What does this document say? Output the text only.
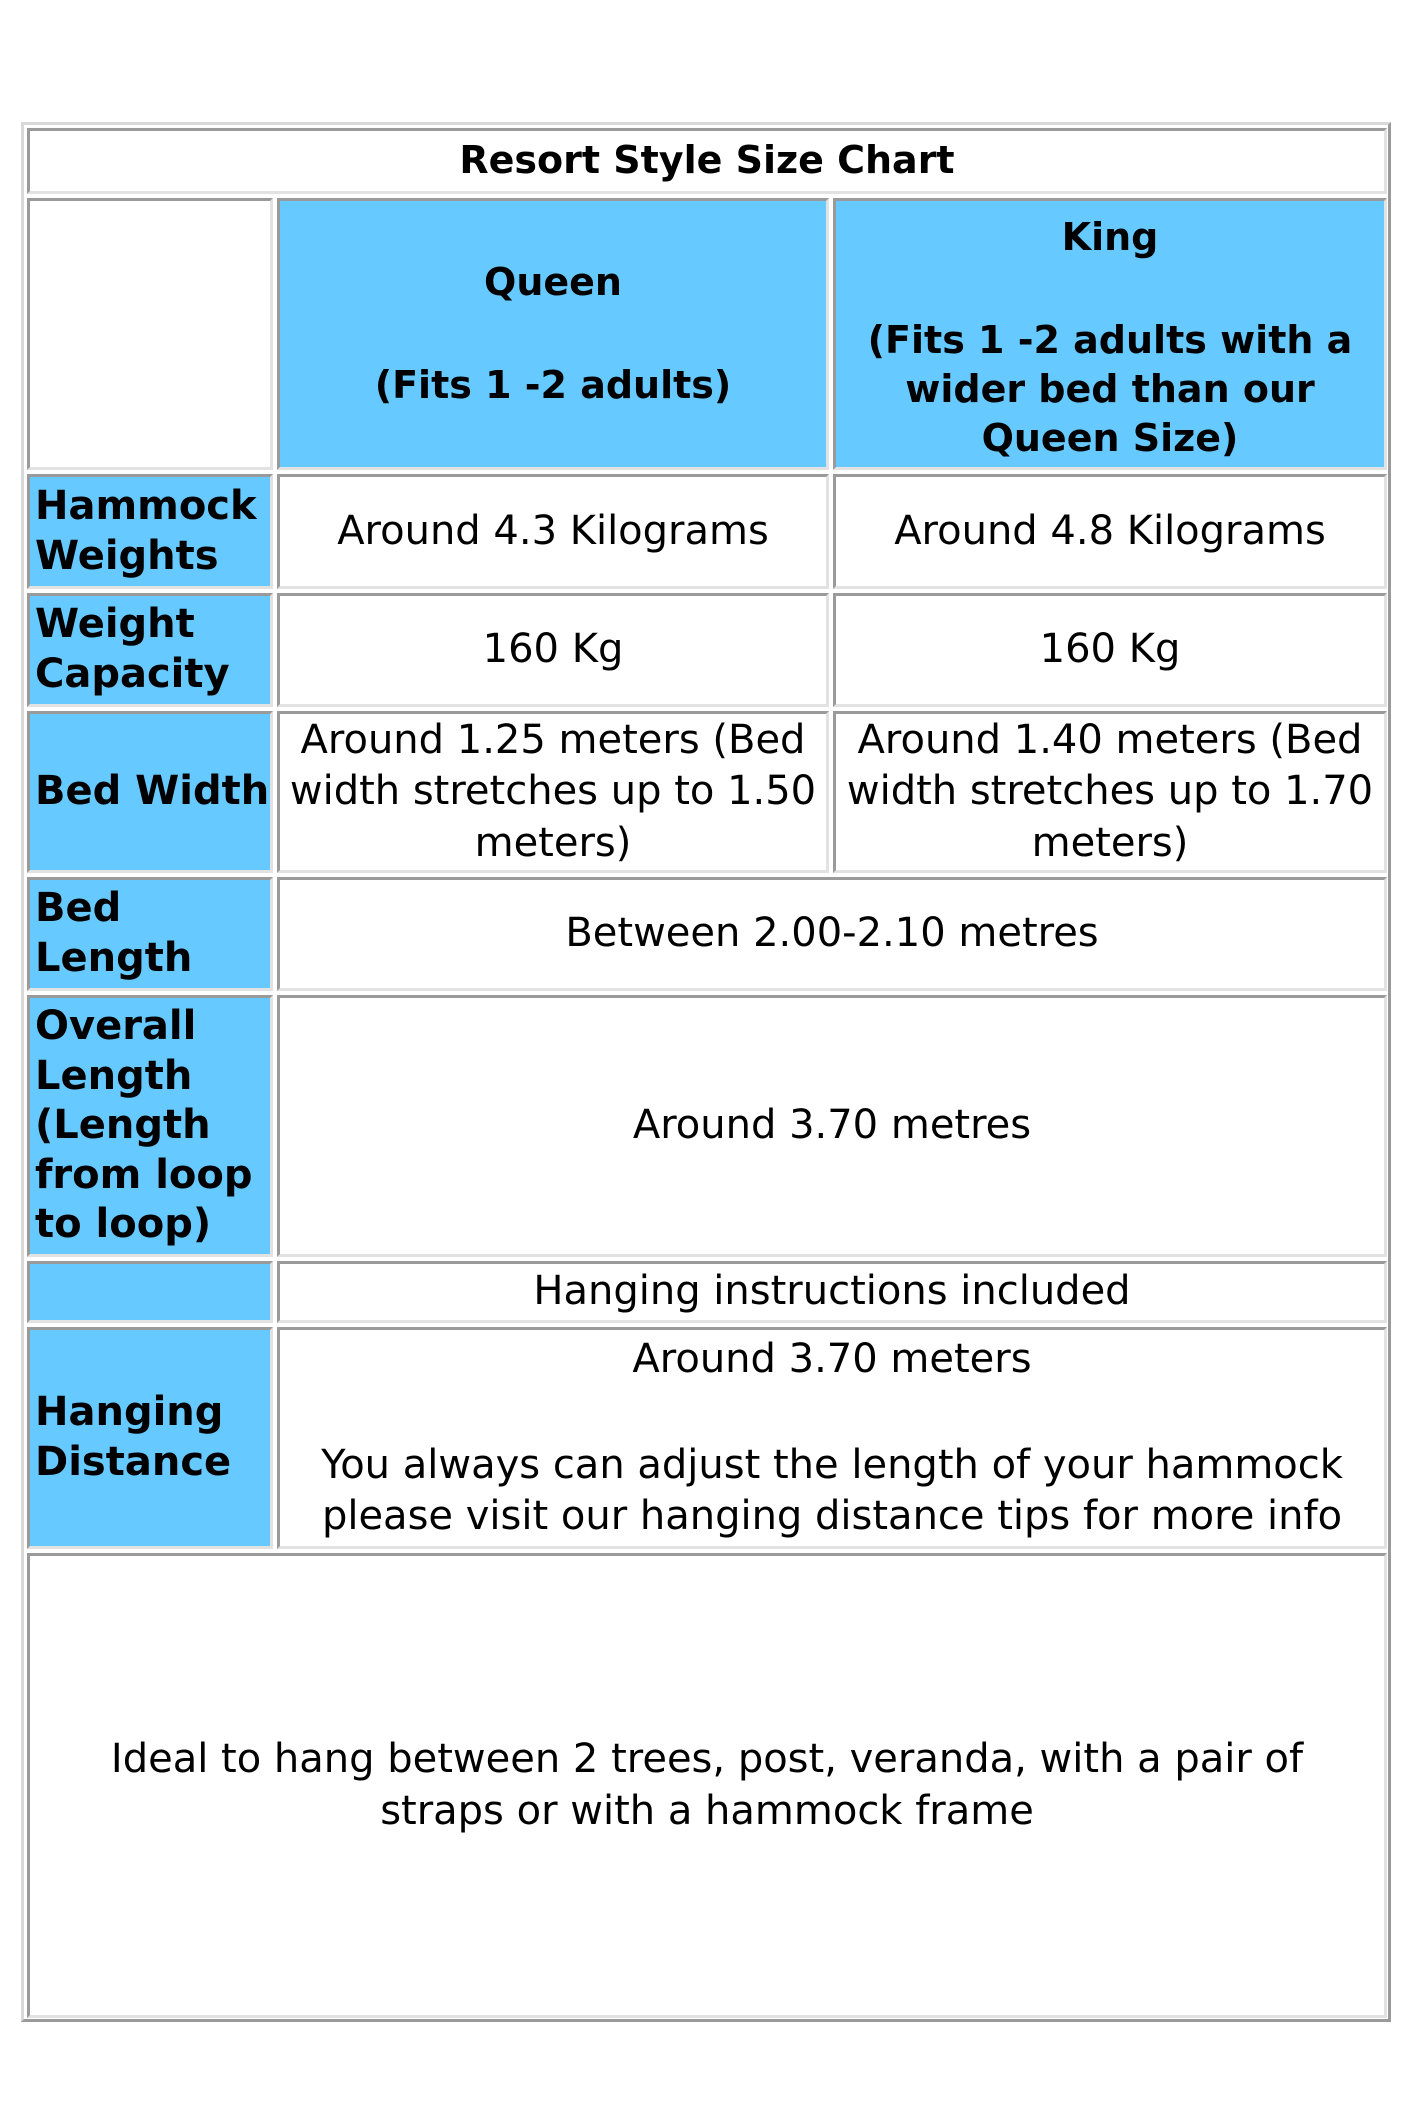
Resort Style Size Chart
Queen
(Fits 1 -2 adults)
King
(Fits 1 -2 adults with a wider bed than our Queen Size)
Hammock Weights
Around 4.3 Kilograms	Around 4.8 Kilograms
Weight Capacity
160 Kg	160 Kg
Bed Width
Around 1.25 meters (Bed width stretches up to 1.50 meters)
Around 1.40 meters (Bed width stretches up to 1.70 meters)
Bed Length
Between 2.00-2.10 metres
Overall Length (Length from loop to loop)
Around 3.70 metres
Hanging instructions included
Hanging Distance
Around 3.70 meters
You always can adjust the length of your hammock please visit our hanging distance tips for more info
Ideal to hang between 2 trees, post, veranda, with a pair of straps or with a hammock frame
